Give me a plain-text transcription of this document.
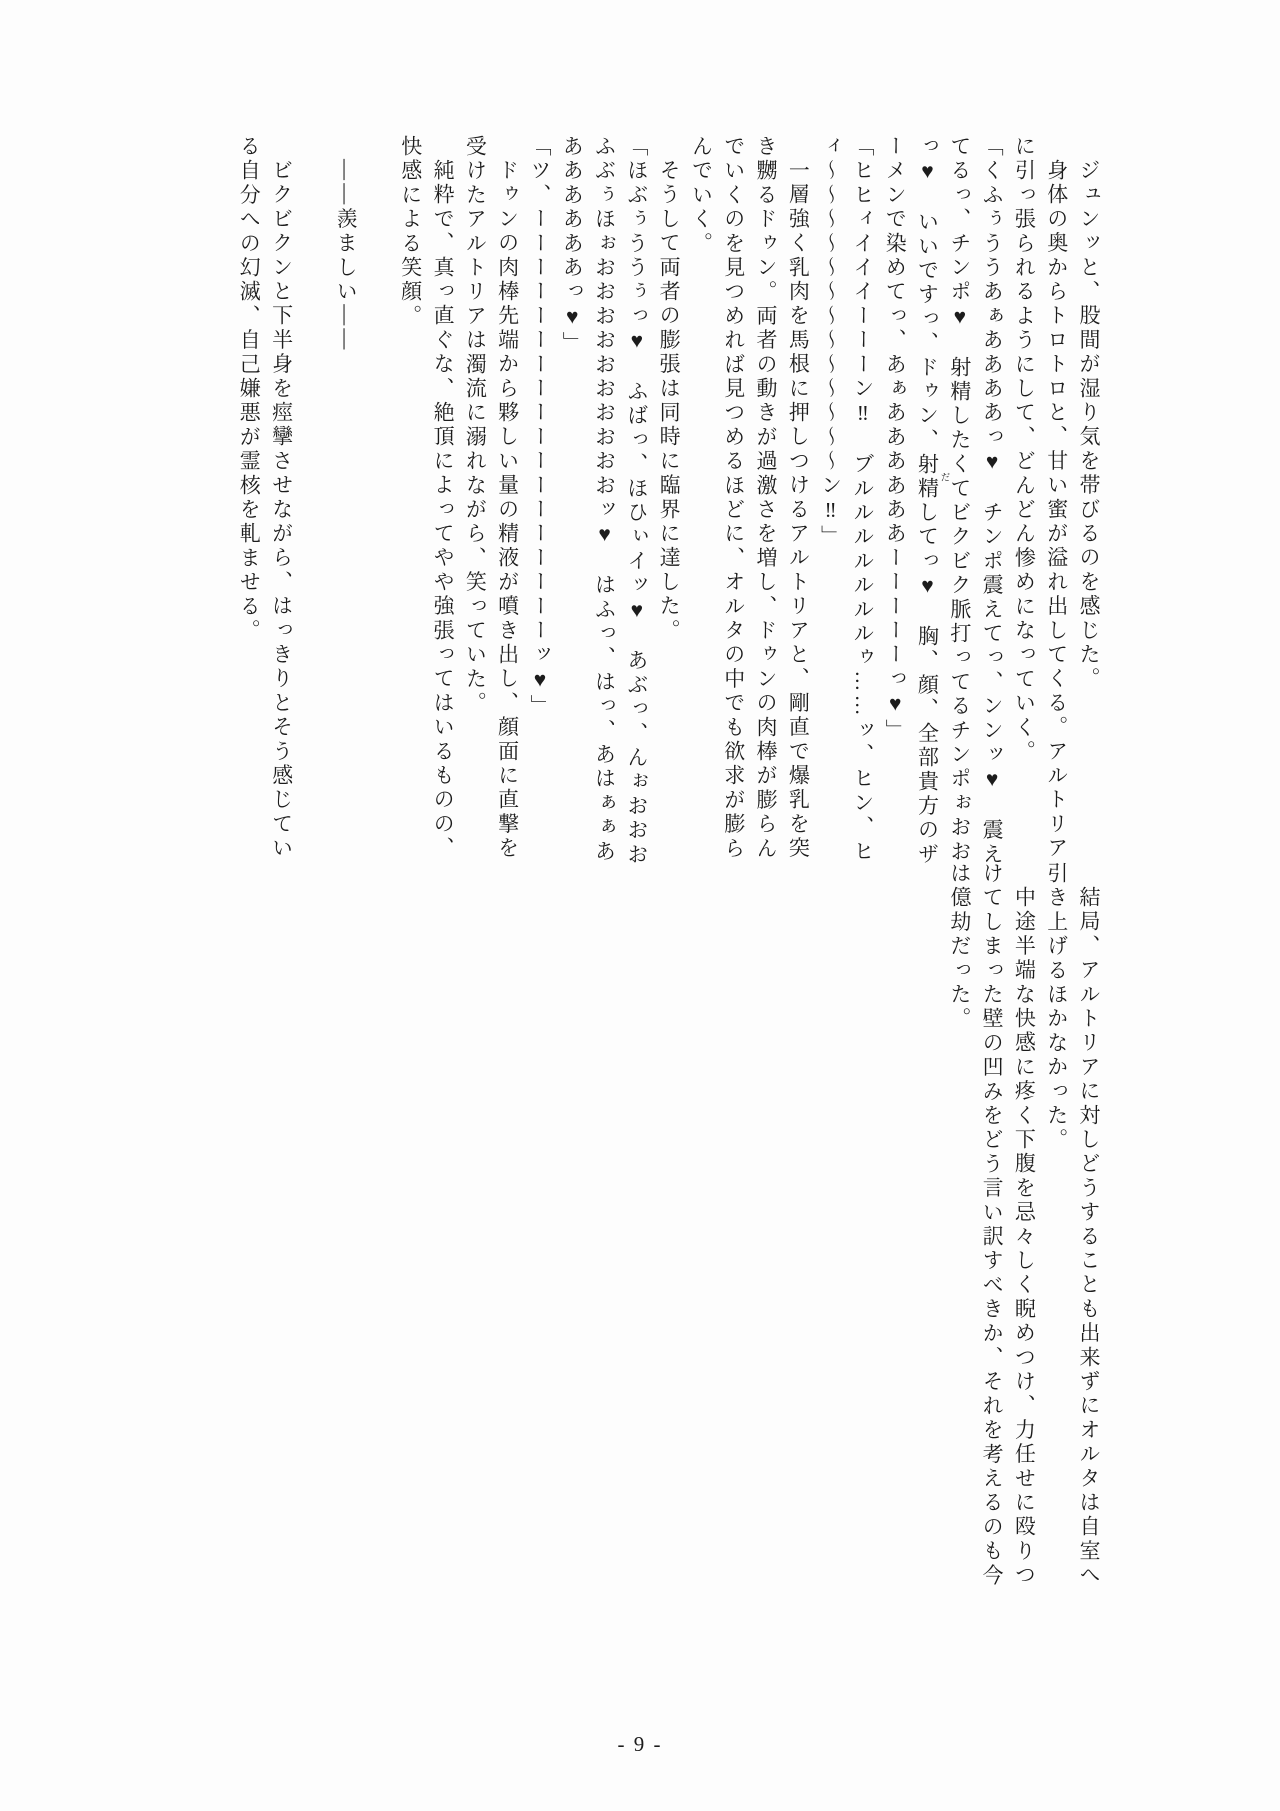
ジュンッと、股間が湿り気を帯びるのを感じた。

身体の奥からトロトロと、甘い蜜が溢れ出してくる。アルトリアに引っ張られるようにして、どんどん惨めになっていく。

「くふぅううあぁああああっ♥　チンポ震えてっ、ンンッ♥　震えてるっ、チンポ♥　射精したくてビクビク脈打ってるチンポぉおおっ♥　いいですっ、ドゥン、射精 だしてっ♥　胸、顔、全部貴方のザーメンで染めてっ、あぁああああああーーーーーっ♥」

「ヒヒィイイイーーーン‼　ブルルルルルルルゥ……ッ、ヒン、ヒィ〜〜〜〜〜〜〜〜〜〜〜〜〜ン‼」

一層強く乳肉を馬根に押しつけるアルトリアと、剛直で爆乳を突き嬲るドゥン。両者の動きが過激さを増し、ドゥンの肉棒が膨らんでいくのを見つめれば見つめるほどに、オルタの中でも欲求が膨らんでいく。

そうして両者の膨張は同時に臨界に達した。

「ほぶぅううぅっ♥　ふばっ、ほひぃイッ♥　あぶっ、んぉおおおふぶぅほぉおおおおおおおおおおッ♥　はふっ、はっ、あはぁぁあああああああっ♥」

「ツ、ーーーーーーーーーーーーーーーーーーッ♥」

ドゥンの肉棒先端から夥しい量の精液が噴き出し、顔面に直撃を受けたアルトリアは濁流に溺れながら、笑っていた。

純粋で、真っ直ぐな、絶頂によってやや強張ってはいるものの、快感による笑顔。

――羨ましい――

ビクビクンと下半身を痙攣させながら、はっきりとそう感じている自分への幻滅、自己嫌悪が霊核を軋ませる。

結局、アルトリアに対しどうすることも出来ずにオルタは自室へ引き上げるほかなかった。

中途半端な快感に疼く下腹を忌々しく睨めつけ、力任せに殴りつけてしまった壁の凹みをどう言い訳すべきか、それを考えるのも今は億劫だった。

- 9 -
